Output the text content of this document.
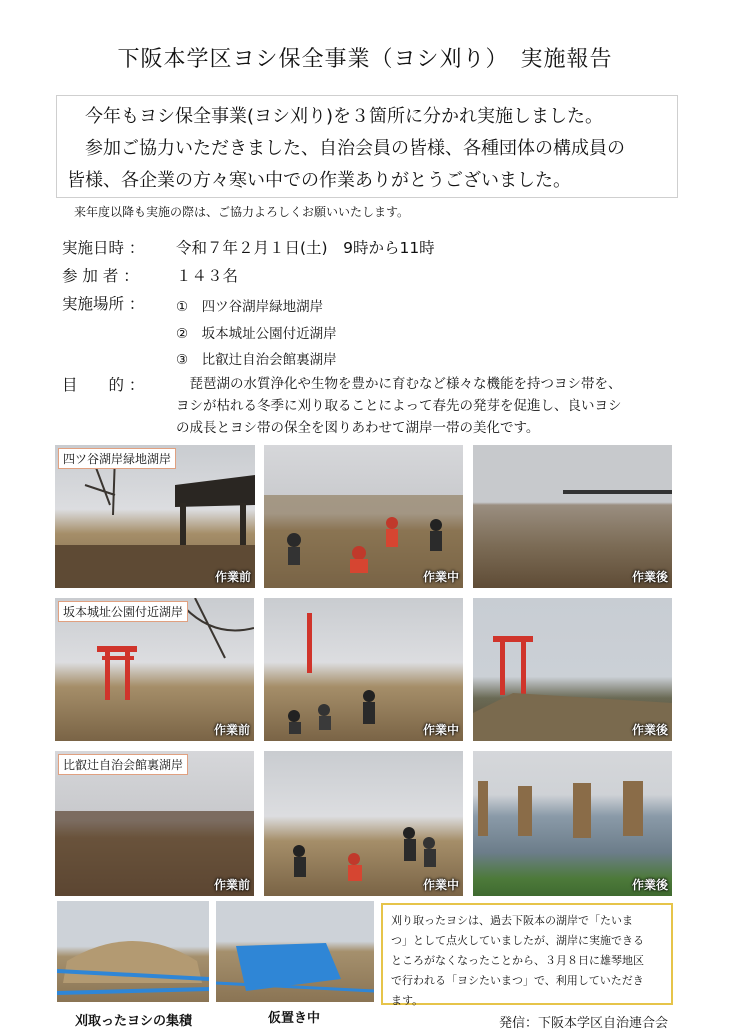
下阪本学区ヨシ保全事業（ヨシ刈り）　実施報告
　今年もヨシ保全事業(ヨシ刈り)を３箇所に分かれ実施しました。
　参加ご協力いただきました、自治会員の皆様、各種団体の構成員の
皆様、各企業の方々寒い中での作業ありがとうございました。
来年度以降も実施の際は、ご協力よろしくお願いいたします。
実施日時 ： 令和７年２月１日(土)　9時から11時
参 加 者 ： １４３名
実施場所 ： ①　四ツ谷湖岸緑地湖岸
②　坂本城址公園付近湖岸
③　比叡辻自治会館裏湖岸
目　　的 ： 　琵琶湖の水質浄化や生物を豊かに育むなど様々な機能を持つヨシ帯を、
ヨシが枯れる冬季に刈り取ることによって春先の発芽を促進し、良いヨシ
の成長とヨシ帯の保全を図りあわせて湖岸一帯の美化です。
四ツ谷湖岸緑地湖岸
作業前	作業中	作業後
坂本城址公園付近湖岸
作業前	作業中	作業後
比叡辻自治会館裏湖岸
作業前	作業中	作業後
刈取ったヨシの集積	仮置き中
刈り取ったヨシは、過去下阪本の湖岸で「たいま
つ」として点火していましたが、湖岸に実施できる
ところがなくなったことから、３月８日に雄琴地区
で行われる「ヨシたいまつ」で、利用していただき
ます。
発信：下阪本学区自治連合会
